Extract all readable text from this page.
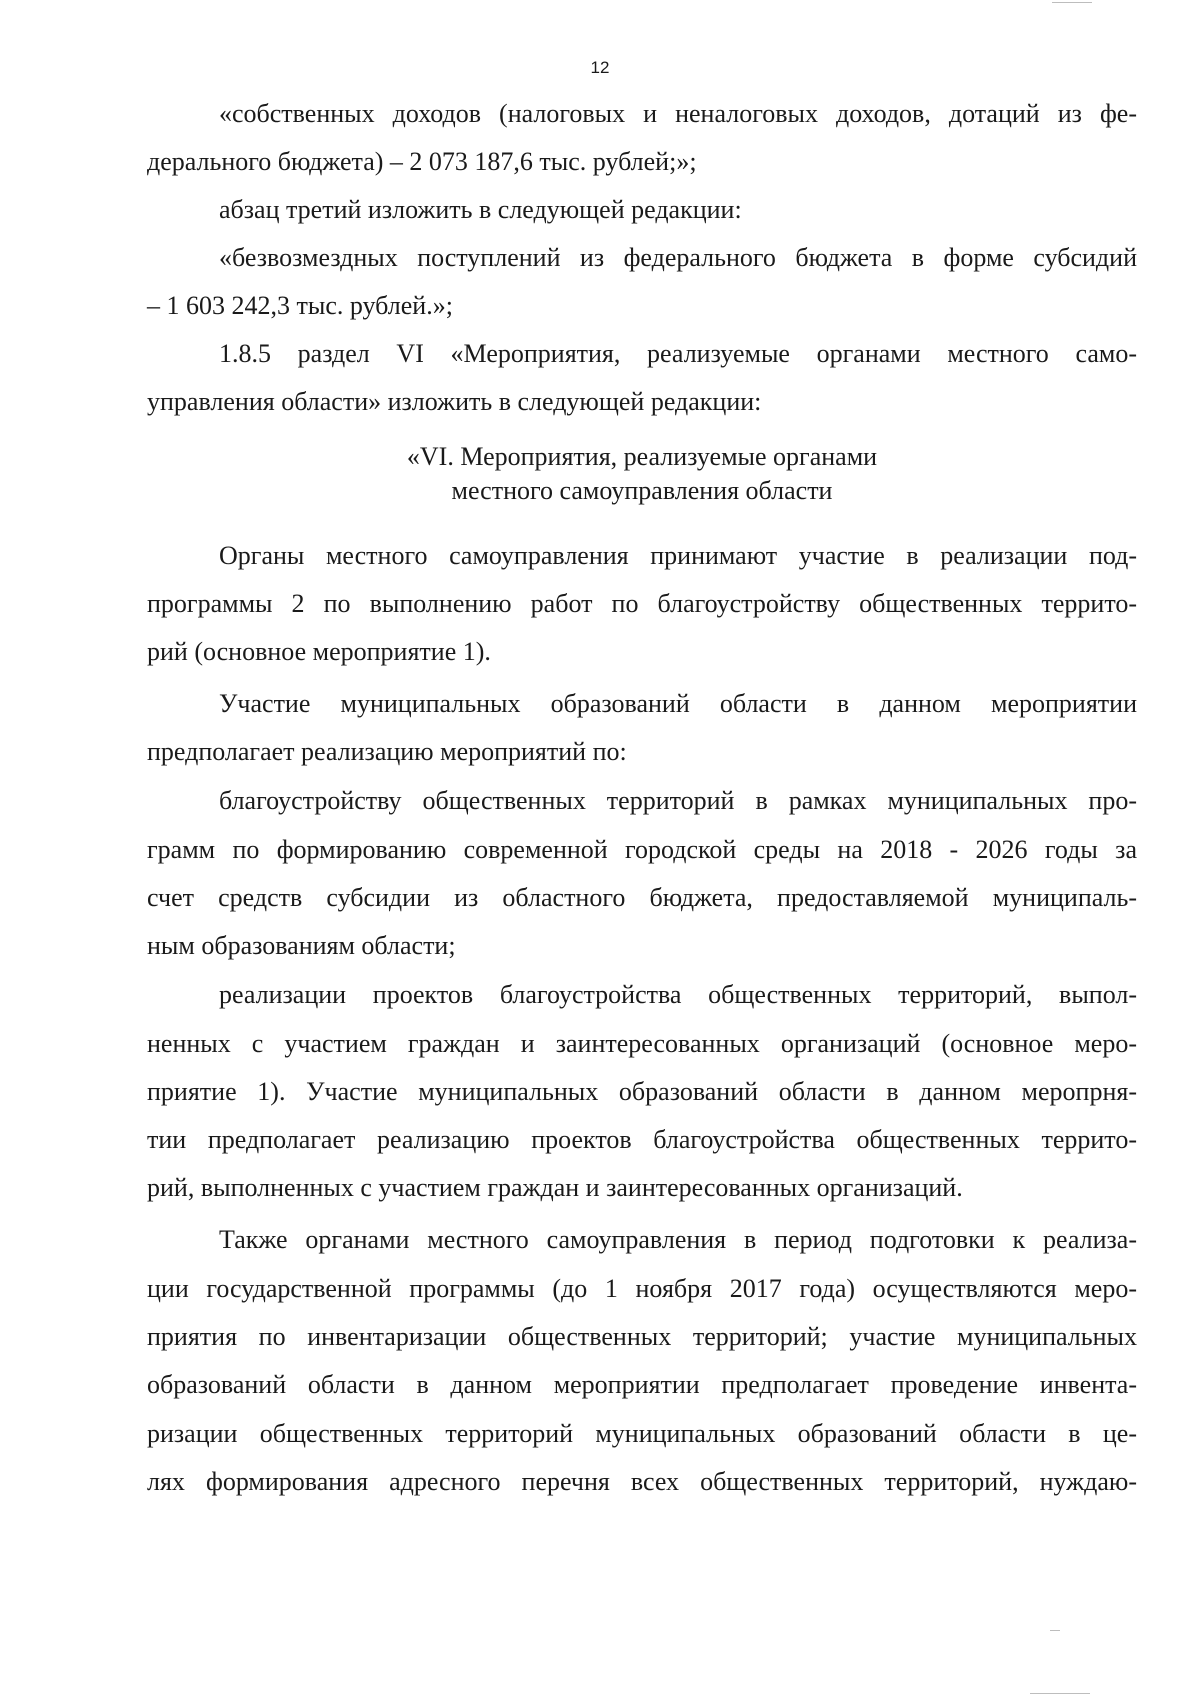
12
«собственных доходов (налоговых и неналоговых доходов, дотаций из фе-
дерального бюджета) – 2 073 187,6 тыс. рублей;»;
абзац третий изложить в следующей редакции:
«безвозмездных поступлений из федерального бюджета в форме субсидий
– 1 603 242,3 тыс. рублей.»;
1.8.5 раздел VI «Мероприятия, реализуемые органами местного само-
управления области» изложить в следующей редакции:
«VI. Мероприятия, реализуемые органами
местного самоуправления области
Органы местного самоуправления принимают участие в реализации под-
программы 2 по выполнению работ по благоустройству общественных террито-
рий (основное мероприятие 1).
Участие муниципальных образований области в данном мероприятии
предполагает реализацию мероприятий по:
благоустройству общественных территорий в рамках муниципальных про-
грамм по формированию современной городской среды на 2018 - 2026 годы за
счет средств субсидии из областного бюджета, предоставляемой муниципаль-
ным образованиям области;
реализации проектов благоустройства общественных территорий, выпол-
ненных с участием граждан и заинтересованных организаций (основное меро-
приятие 1). Участие муниципальных образований области в данном меропрня-
тии предполагает реализацию проектов благоустройства общественных террито-
рий, выполненных с участием граждан и заинтересованных организаций.
Также органами местного самоуправления в период подготовки к реализа-
ции государственной программы (до 1 ноября 2017 года) осуществляются меро-
приятия по инвентаризации общественных территорий; участие муниципальных
образований области в данном мероприятии предполагает проведение инвента-
ризации общественных территорий муниципальных образований области в це-
лях формирования адресного перечня всех общественных территорий, нуждаю-
